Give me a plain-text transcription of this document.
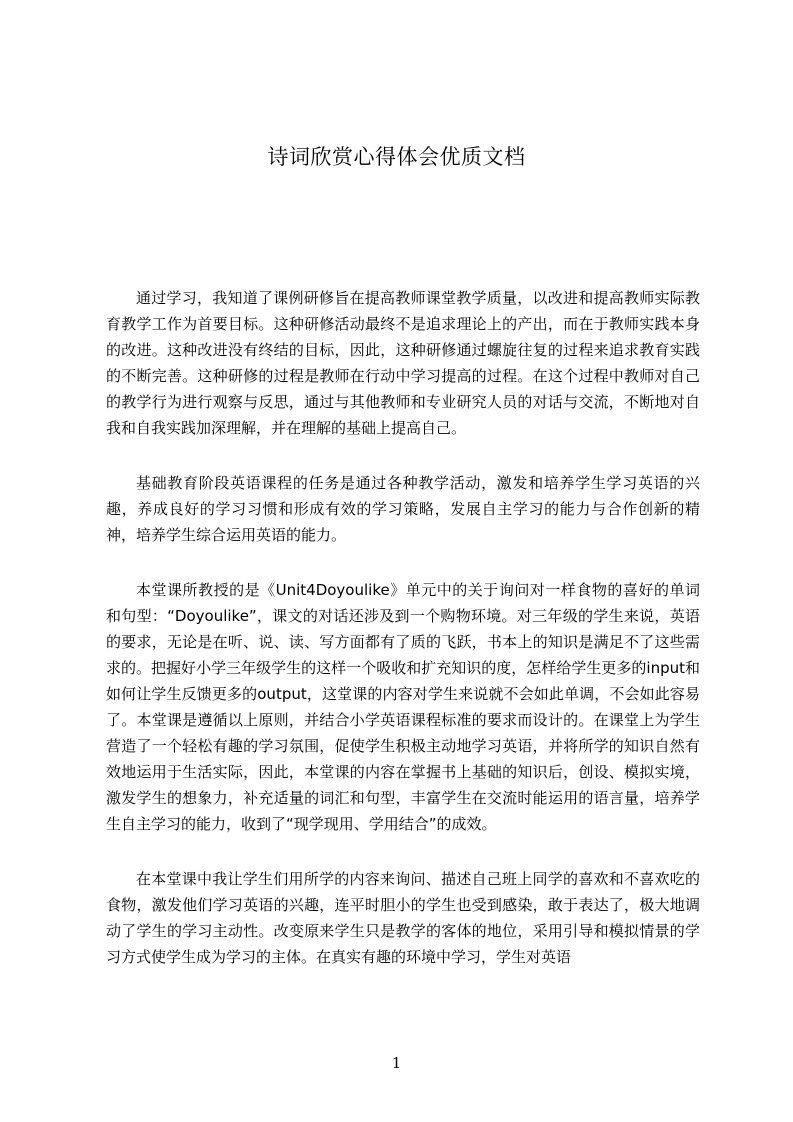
诗词欣赏心得体会优质文档

通过学习，我知道了课例研修旨在提高教师课堂教学质量，以改进和提高教师实际教育教学工作为首要目标。这种研修活动最终不是追求理论上的产出，而在于教师实践本身的改进。这种改进没有终结的目标，因此，这种研修通过螺旋往复的过程来追求教育实践的不断完善。这种研修的过程是教师在行动中学习提高的过程。在这个过程中教师对自己的教学行为进行观察与反思，通过与其他教师和专业研究人员的对话与交流，不断地对自我和自我实践加深理解，并在理解的基础上提高自己。

基础教育阶段英语课程的任务是通过各种教学活动，激发和培养学生学习英语的兴趣，养成良好的学习习惯和形成有效的学习策略，发展自主学习的能力与合作创新的精神，培养学生综合运用英语的能力。

本堂课所教授的是《Unit4Doyoulike》单元中的关于询问对一样食物的喜好的单词和句型：“Doyoulike”，课文的对话还涉及到一个购物环境。对三年级的学生来说，英语的要求，无论是在听、说、读、写方面都有了质的飞跃，书本上的知识是满足不了这些需求的。把握好小学三年级学生的这样一个吸收和扩充知识的度，怎样给学生更多的input和如何让学生反馈更多的output，这堂课的内容对学生来说就不会如此单调，不会如此容易了。本堂课是遵循以上原则，并结合小学英语课程标准的要求而设计的。在课堂上为学生营造了一个轻松有趣的学习氛围，促使学生积极主动地学习英语，并将所学的知识自然有效地运用于生活实际，因此，本堂课的内容在掌握书上基础的知识后，创设、模拟实境，激发学生的想象力，补充适量的词汇和句型，丰富学生在交流时能运用的语言量，培养学生自主学习的能力，收到了“现学现用、学用结合”的成效。

在本堂课中我让学生们用所学的内容来询问、描述自己班上同学的喜欢和不喜欢吃的食物，激发他们学习英语的兴趣，连平时胆小的学生也受到感染，敢于表达了，极大地调动了学生的学习主动性。改变原来学生只是教学的客体的地位，采用引导和模拟情景的学习方式使学生成为学习的主体。在真实有趣的环境中学习，学生对英语

1
